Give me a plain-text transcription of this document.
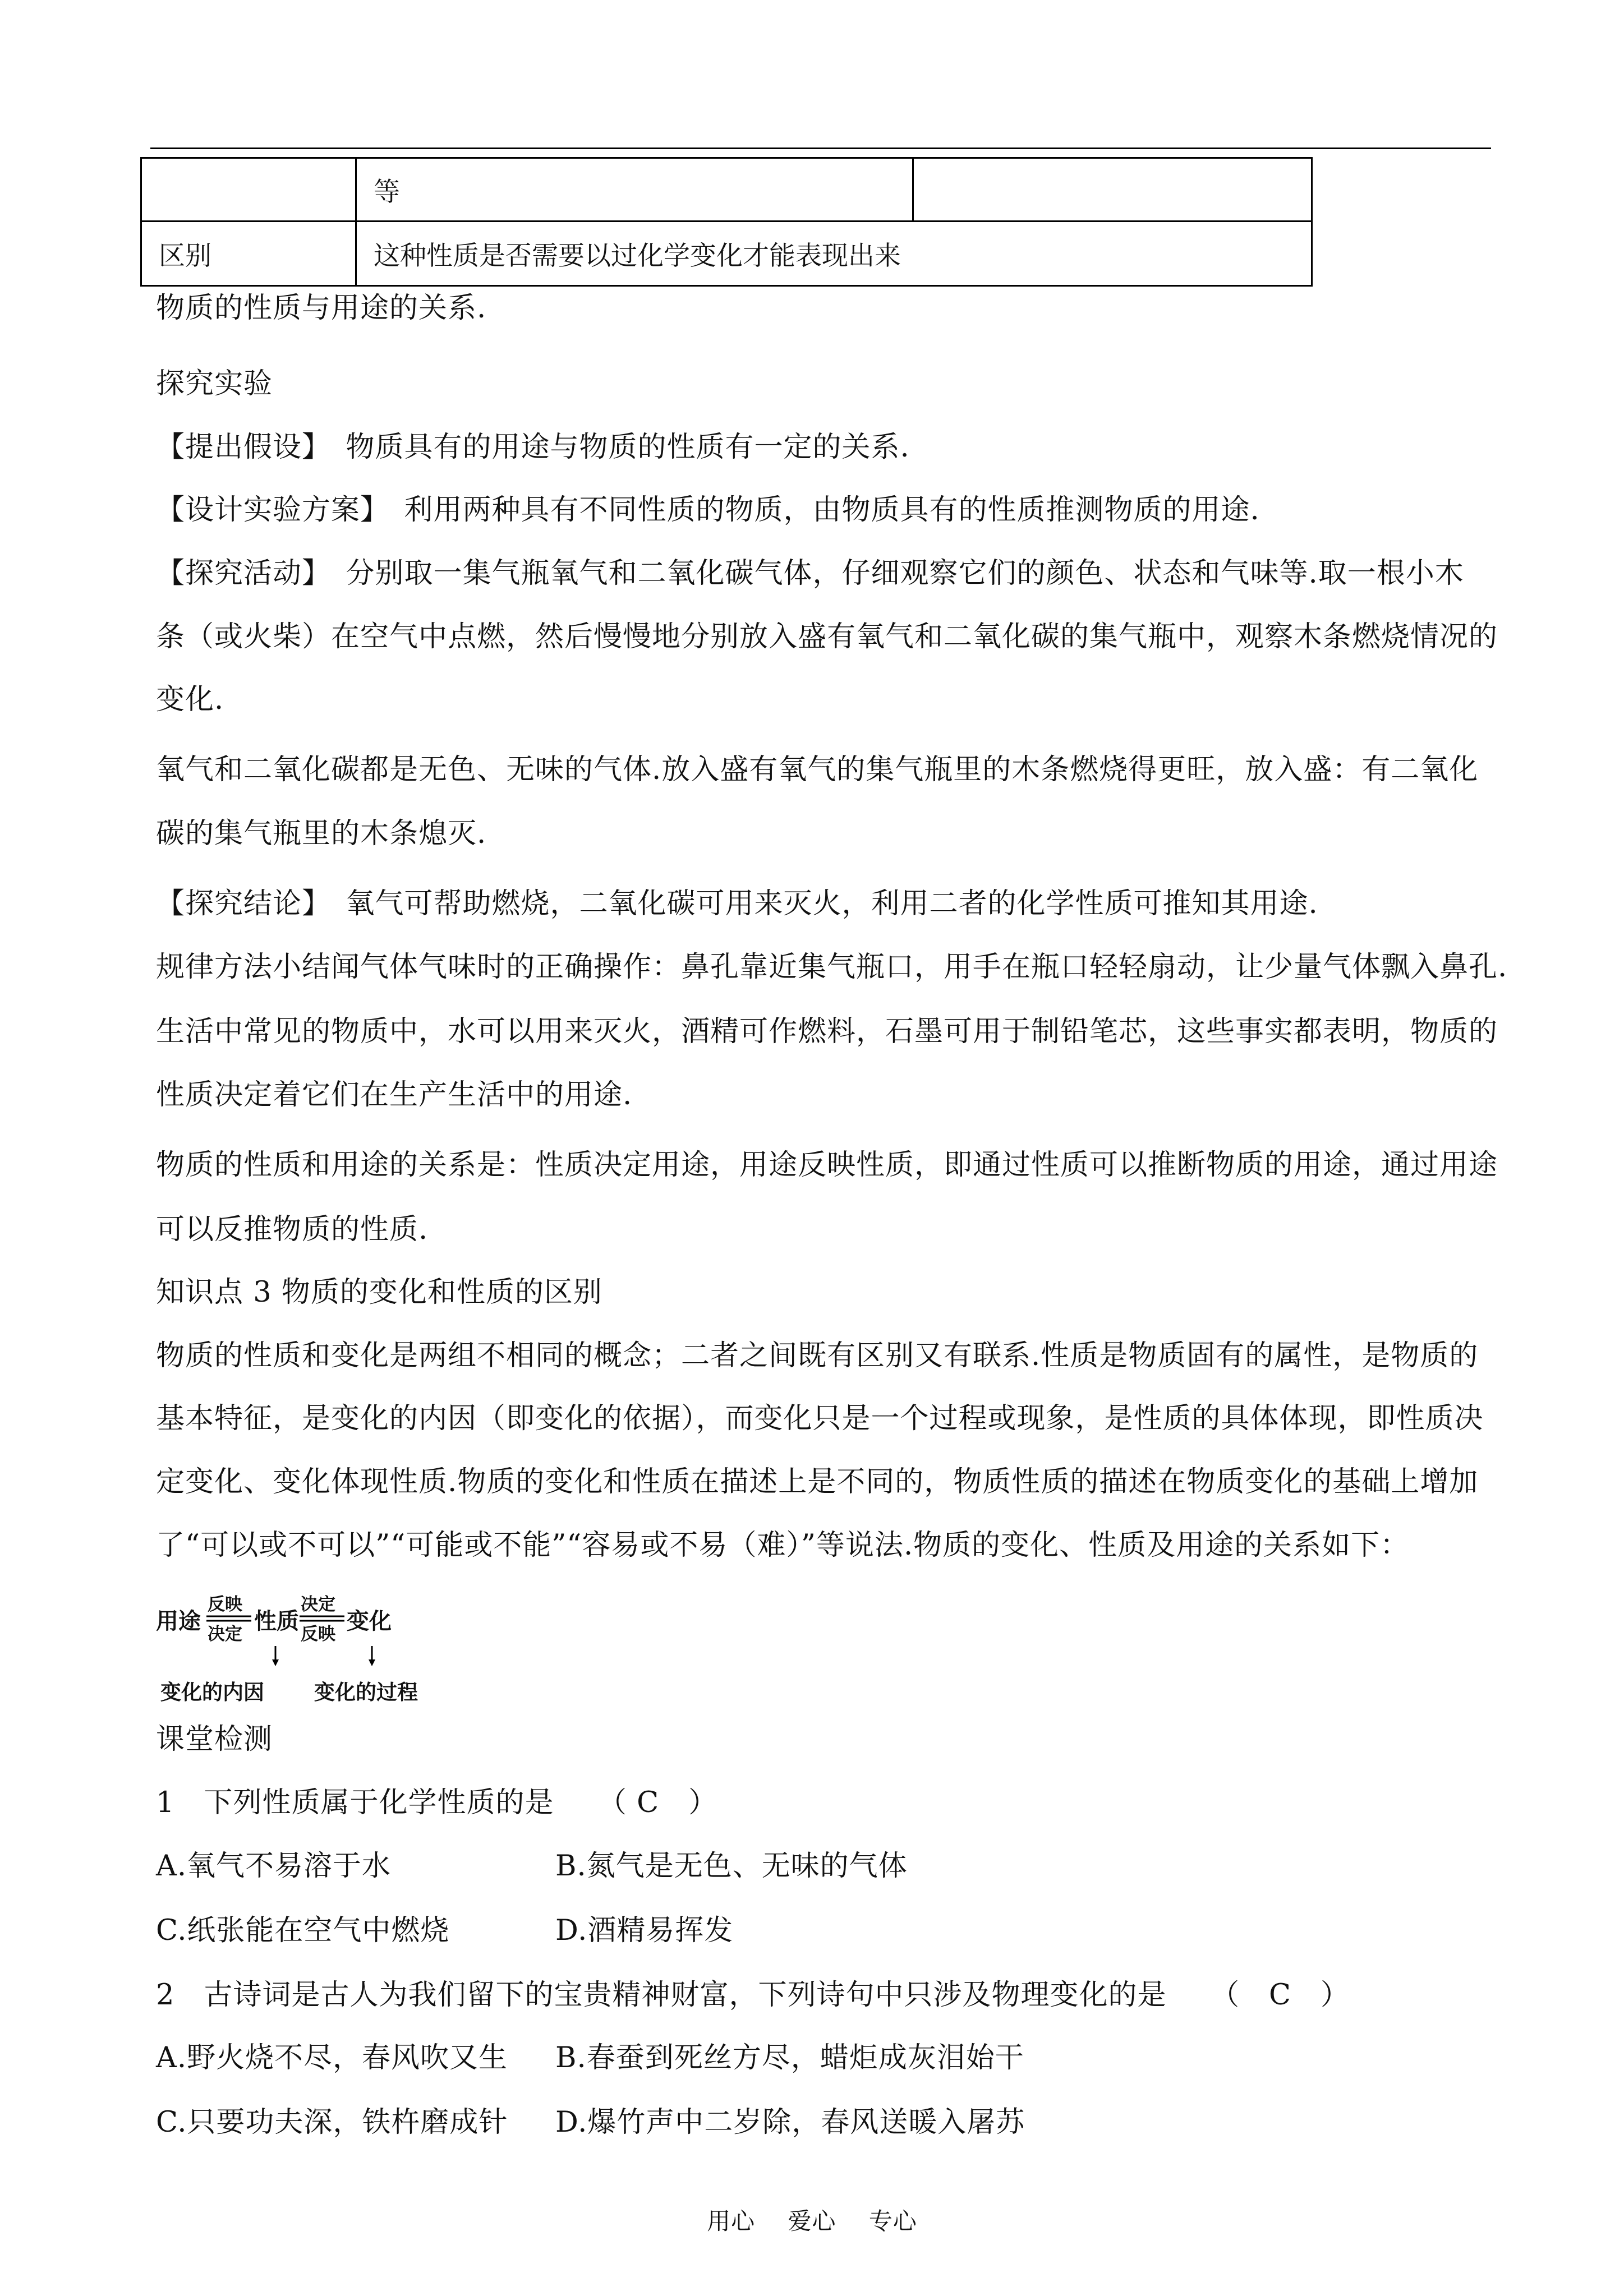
	等	
区别	这种性质是否需要以过化学变化才能表现出来	
物质的性质与用途的关系.
探究实验
【提出假设】　物质具有的用途与物质的性质有一定的关系.
【设计实验方案】　利用两种具有不同性质的物质，由物质具有的性质推测物质的用途.
【探究活动】　分别取一集气瓶氧气和二氧化碳气体，仔细观察它们的颜色、状态和气味等.取一根小木
条（或火柴）在空气中点燃，然后慢慢地分别放入盛有氧气和二氧化碳的集气瓶中，观察木条燃烧情况的
变化.
氧气和二氧化碳都是无色、无味的气体.放入盛有氧气的集气瓶里的木条燃烧得更旺，放入盛：有二氧化
碳的集气瓶里的木条熄灭.
【探究结论】　氧气可帮助燃烧，二氧化碳可用来灭火，利用二者的化学性质可推知其用途.
规律方法小结闻气体气味时的正确操作：鼻孔靠近集气瓶口，用手在瓶口轻轻扇动，让少量气体飘入鼻孔.
生活中常见的物质中，水可以用来灭火，酒精可作燃料，石墨可用于制铅笔芯，这些事实都表明，物质的
性质决定着它们在生产生活中的用途.
物质的性质和用途的关系是：性质决定用途，用途反映性质，即通过性质可以推断物质的用途，通过用途
可以反推物质的性质.
知识点 3 物质的变化和性质的区别
物质的性质和变化是两组不相同的概念；二者之间既有区别又有联系.性质是物质固有的属性，是物质的
基本特征，是变化的内因（即变化的依据），而变化只是一个过程或现象，是性质的具体体现，即性质决
定变化、变化体现性质.物质的变化和性质在描述上是不同的，物质性质的描述在物质变化的基础上增加
了“可以或不可以”“可能或不能”“容易或不易（难）”等说法.物质的变化、性质及用途的关系如下：
用途
反映
决定 性质
决定
反映 变化
变化的内因 变化的过程
课堂检测
1　下列性质属于化学性质的是　　（ C　）
A.氧气不易溶于水	B.氮气是无色、无味的气体
C.纸张能在空气中燃烧	D.酒精易挥发
2　古诗词是古人为我们留下的宝贵精神财富，下列诗句中只涉及物理变化的是　　（　C　）
A.野火烧不尽，春风吹又生 B.春蚕到死丝方尽，蜡炬成灰泪始干
C.只要功夫深，铁杵磨成针 D.爆竹声中二岁除，春风送暖入屠苏
用心 爱心 专心
